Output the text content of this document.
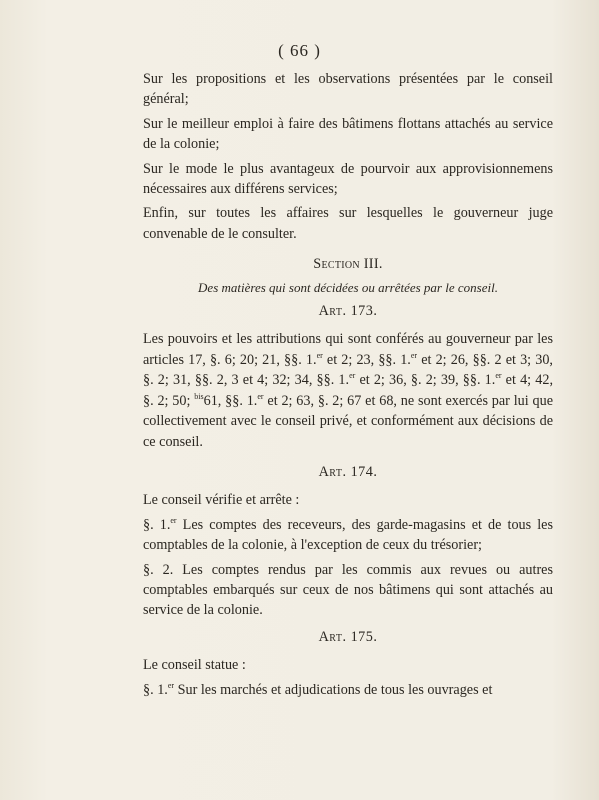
( 66 )

Sur les propositions et les observations présentées par le conseil général;

Sur le meilleur emploi à faire des bâtimens flottans attachés au service de la colonie;

Sur le mode le plus avantageux de pourvoir aux approvisionnemens nécessaires aux différens services;

Enfin, sur toutes les affaires sur lesquelles le gouverneur juge convenable de le consulter.

Section III.

Des matières qui sont décidées ou arrêtées par le conseil.

Art. 173.

Les pouvoirs et les attributions qui sont conférés au gouverneur par les articles 17, §. 6; 20; 21, §§. 1.$^{er}$ et 2; 23, §§. 1.$^{er}$ et 2; 26, §§. 2 et 3; 30, §. 2; 31, §§. 2, 3 et 4; 32; 34, §§. 1.$^{er}$ et 2; 36, §. 2; 39, §§. 1.$^{er}$ et 4; 42, §. 2; 50; $^{bis}$61, §§. 1.$^{er}$ et 2; 63, §. 2; 67 et 68, ne sont exercés par lui que collectivement avec le conseil privé, et conformément aux décisions de ce conseil.

Art. 174.

Le conseil vérifie et arrête :

§. 1.$^{er}$ Les comptes des receveurs, des garde-magasins et de tous les comptables de la colonie, à l'exception de ceux du trésorier;

§. 2. Les comptes rendus par les commis aux revues ou autres comptables embarqués sur ceux de nos bâtimens qui sont attachés au service de la colonie.

Art. 175.

Le conseil statue :

§. 1.$^{er}$ Sur les marchés et adjudications de tous les ouvrages et
